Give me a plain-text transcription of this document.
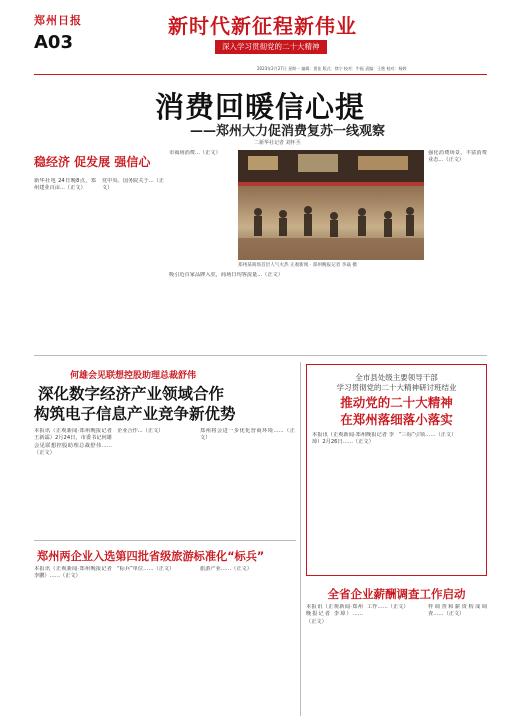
郑州日报
A03
新时代新征程新伟业
深入学习贯彻党的二十大精神
2023年2月27日 星期一 编辑：贾佳 版式：徐宁 校对：牛振 责编：王艳 校对：杨婷
消费回暖信心提
——郑州大力促消费复苏一线观察
二新华社记者 刘怀丕
稳经济 促发展 强信心
新华社电 24日晚8点，郑州建业百亩...（正文）
党中央、国务院关于...（正文）
市商场消费...（正文）
郑州某商场首层人气火热 正观新闻 · 郑州晚报记者 李焱 摄
强化消费场景，丰富消费业态...（正文）
吸引近百家品牌入驻，商场日均客流量...（正文）
何雄会见联想控股助理总裁舒伟
深化数字经济产业领域合作
构筑电子信息产业竞争新优势
本报讯（正观新闻·郑州晚报记者 王新霖）2月24日，市委书记何雄会见联想控股助理总裁舒伟……（正文）
企业合作...（正文）	郑州将会进一步优化营商环境……（正文）
郑州两企业入选第四批省级旅游标准化“标兵”
本报讯（正观新闻·郑州晚报记者 李鹏）……（正文）
“标兵”单位……（正文）	旅游产业……（正文）
全市县处级主要领导干部
学习贯彻党的二十大精神研讨班结业
推动党的二十大精神
在郑州落细落小落实
本报讯（正观新闻·郑州晚报记者 李璋）2月26日……（正文）
“三标”引领……（正文）
全省企业薪酬调查工作启动
本报讯（正观新闻·郑州晚报记者 李璋）……（正文）
工作……（正文）	样调查和薪资构成调查……（正文）
